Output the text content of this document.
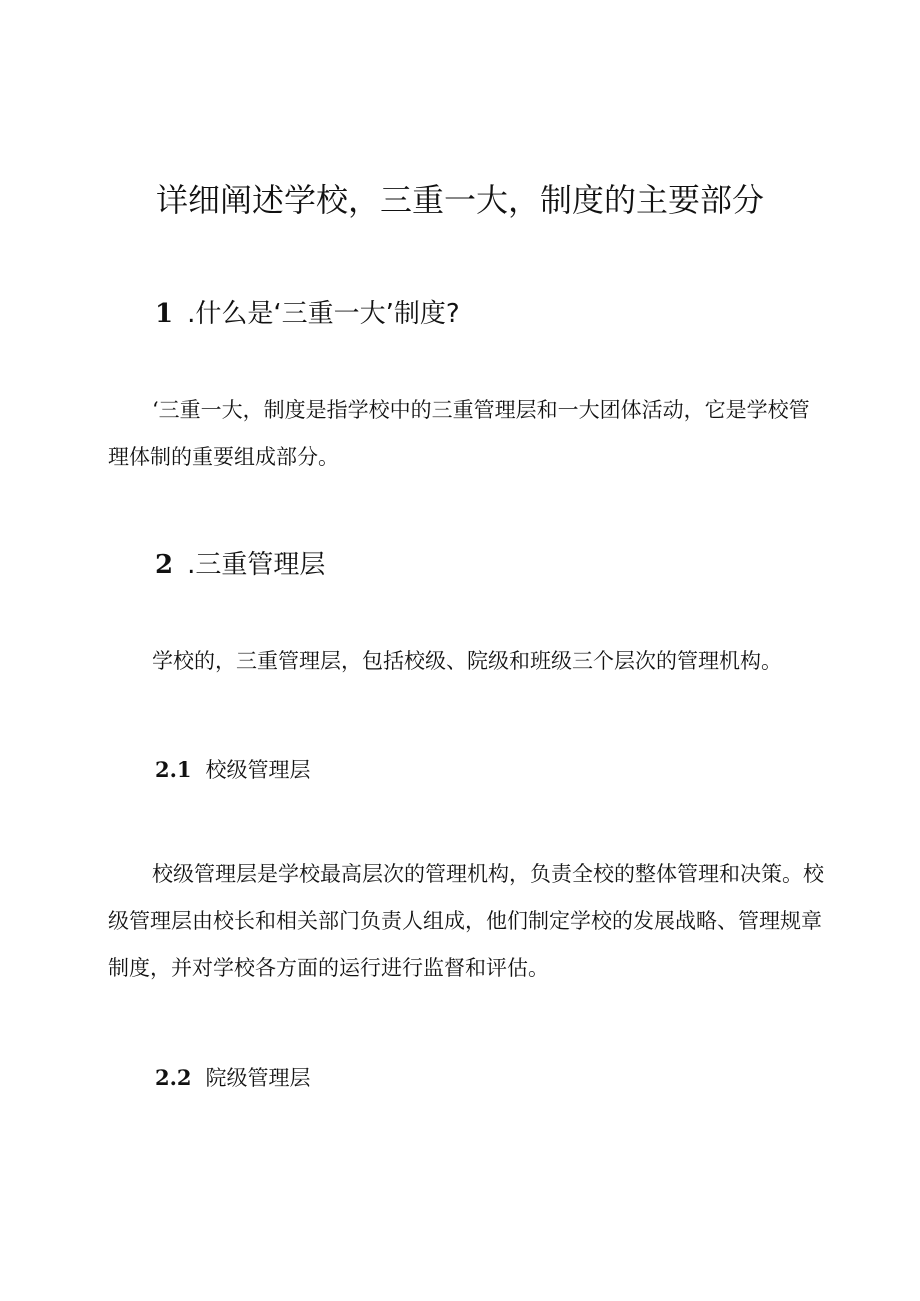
详细阐述学校，三重一大，制度的主要部分
1 .什么是‘三重一大’制度?

‘三重一大，制度是指学校中的三重管理层和一大团体活动，它是学校管理体制的重要组成部分。

2 .三重管理层

学校的，三重管理层，包括校级、院级和班级三个层次的管理机构。

2.1 校级管理层

校级管理层是学校最高层次的管理机构，负责全校的整体管理和决策。校级管理层由校长和相关部门负责人组成，他们制定学校的发展战略、管理规章制度，并对学校各方面的运行进行监督和评估。

2.2 院级管理层
